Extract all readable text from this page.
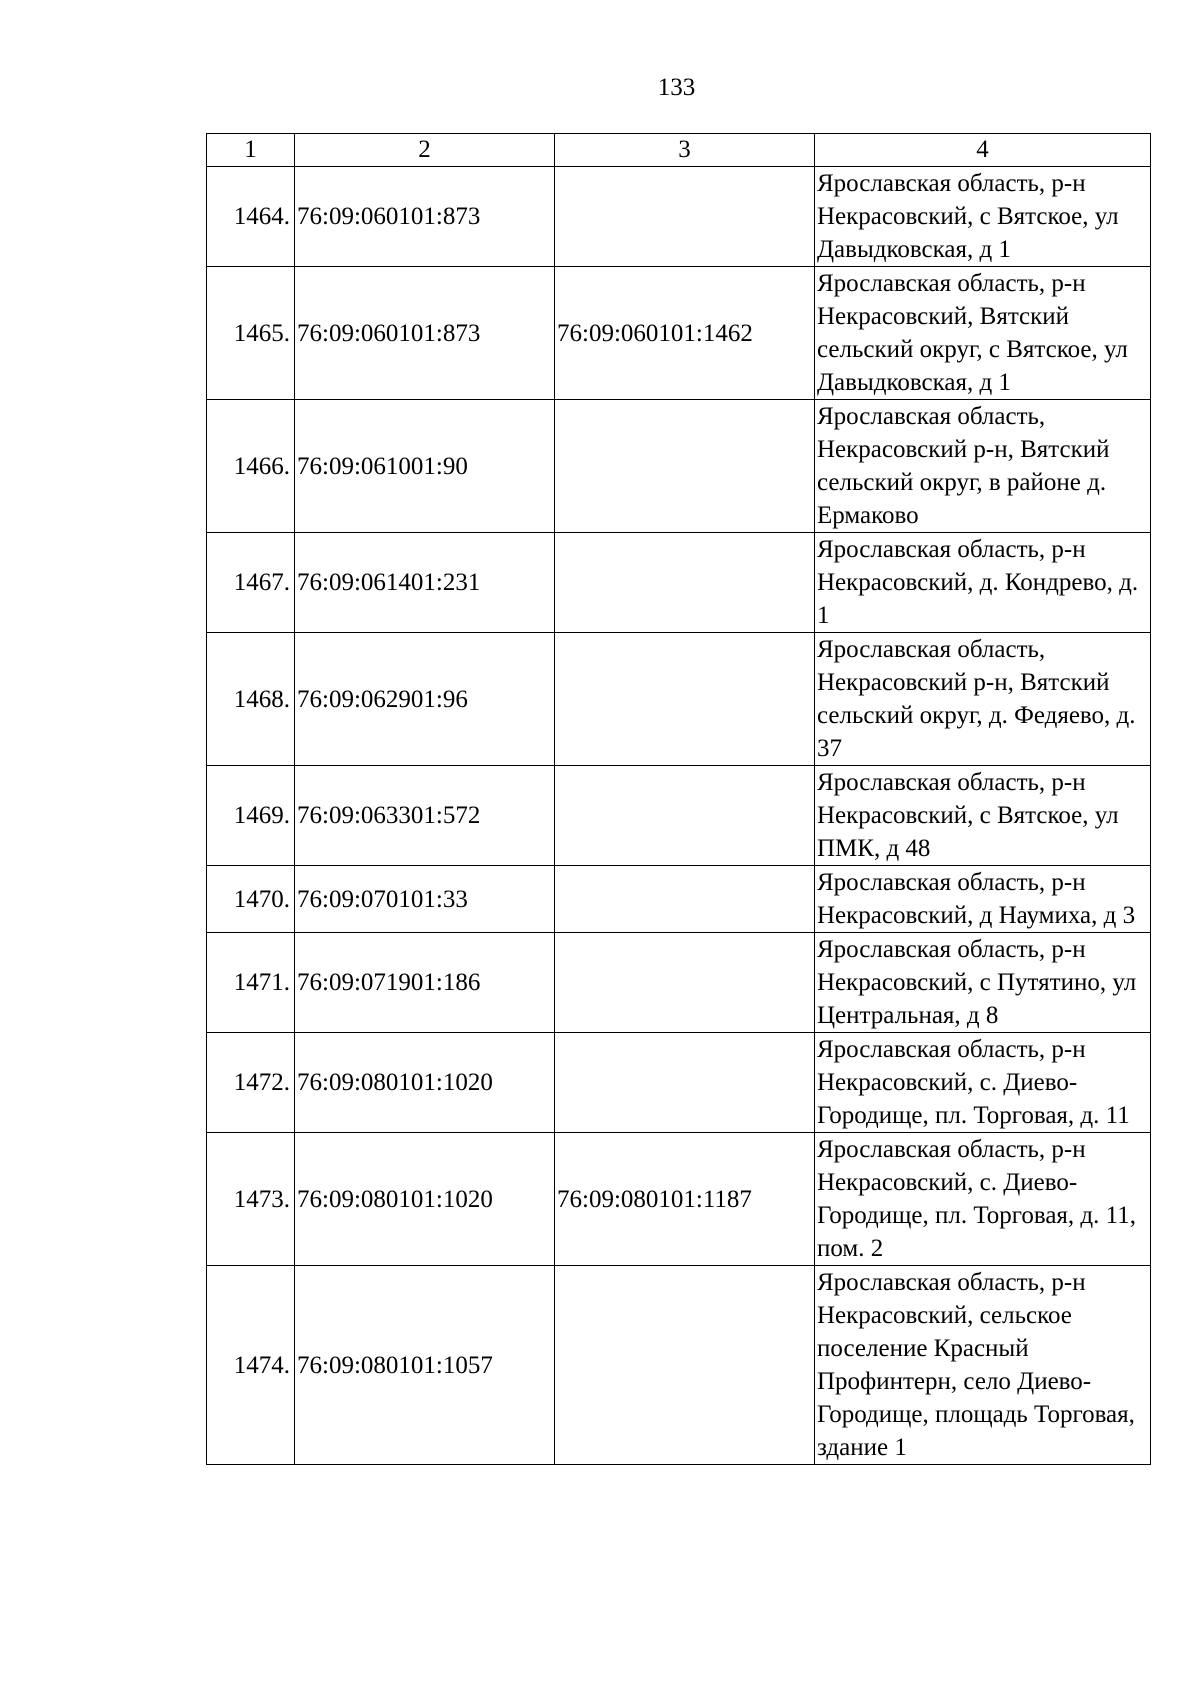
133
1	2	3	4
1464.	76:09:060101:873		Ярославская область, р-н Некрасовский, с Вятское, ул Давыдковская, д 1
1465.	76:09:060101:873	76:09:060101:1462	Ярославская область, р-н Некрасовский, Вятский сельский округ, с Вятское, ул Давыдковская, д 1
1466.	76:09:061001:90		Ярославская область, Некрасовский р-н, Вятский сельский округ, в районе д. Ермаково
1467.	76:09:061401:231		Ярославская область, р-н Некрасовский, д. Кондрево, д. 1
1468.	76:09:062901:96		Ярославская область, Некрасовский р-н, Вятский сельский округ, д. Федяево, д. 37
1469.	76:09:063301:572		Ярославская область, р-н Некрасовский, с Вятское, ул ПМК, д 48
1470.	76:09:070101:33		Ярославская область, р-н Некрасовский, д Наумиха, д 3
1471.	76:09:071901:186		Ярославская область, р-н Некрасовский, с Путятино, ул Центральная, д 8
1472.	76:09:080101:1020		Ярославская область, р-н Некрасовский, с. Диево-Городище, пл. Торговая, д. 11
1473.	76:09:080101:1020	76:09:080101:1187	Ярославская область, р-н Некрасовский, с. Диево-Городище, пл. Торговая, д. 11, пом. 2
1474.	76:09:080101:1057		Ярославская область, р-н Некрасовский, сельское поселение Красный Профинтерн, село Диево-Городище, площадь Торговая, здание 1
